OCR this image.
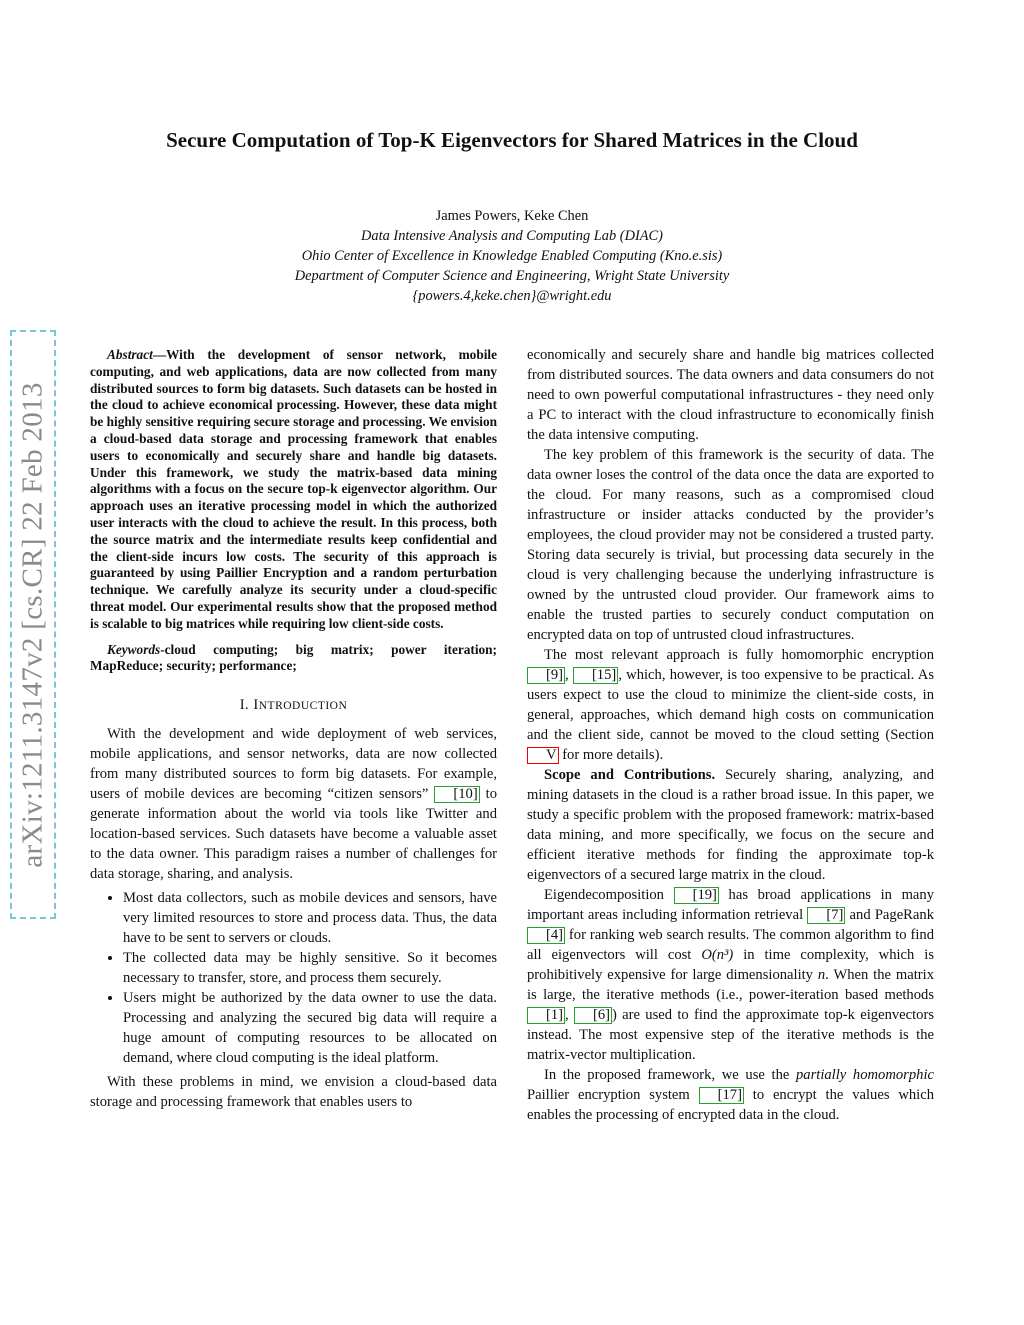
Secure Computation of Top-K Eigenvectors for Shared Matrices in the Cloud
James Powers, Keke Chen
Data Intensive Analysis and Computing Lab (DIAC)
Ohio Center of Excellence in Knowledge Enabled Computing (Kno.e.sis)
Department of Computer Science and Engineering, Wright State University
{powers.4,keke.chen}@wright.edu
arXiv:1211.3147v2 [cs.CR] 22 Feb 2013

Abstract—With the development of sensor network, mobile computing, and web applications, data are now collected from many distributed sources to form big datasets. Such datasets can be hosted in the cloud to achieve economical processing. However, these data might be highly sensitive requiring secure storage and processing. We envision a cloud-based data storage and processing framework that enables users to economically and securely share and handle big datasets. Under this framework, we study the matrix-based data mining algorithms with a focus on the secure top-k eigenvector algorithm. Our approach uses an iterative processing model in which the authorized user interacts with the cloud to achieve the result. In this process, both the source matrix and the intermediate results keep confidential and the client-side incurs low costs. The security of this approach is guaranteed by using Paillier Encryption and a random perturbation technique. We carefully analyze its security under a cloud-specific threat model. Our experimental results show that the proposed method is scalable to big matrices while requiring low client-side costs.

Keywords-cloud computing; big matrix; power iteration; MapReduce; security; performance;

I. INTRODUCTION

With the development and wide deployment of web services, mobile applications, and sensor networks, data are now collected from many distributed sources to form big datasets. For example, users of mobile devices are becoming “citizen sensors” [10] to generate information about the world via tools like Twitter and location-based services. Such datasets have become a valuable asset to the data owner. This paradigm raises a number of challenges for data storage, sharing, and analysis.

• Most data collectors, such as mobile devices and sensors, have very limited resources to store and process data. Thus, the data have to be sent to servers or clouds.
• The collected data may be highly sensitive. So it becomes necessary to transfer, store, and process them securely.
• Users might be authorized by the data owner to use the data. Processing and analyzing the secured big data will require a huge amount of computing resources to be allocated on demand, where cloud computing is the ideal platform.

With these problems in mind, we envision a cloud-based data storage and processing framework that enables users to

economically and securely share and handle big matrices collected from distributed sources. The data owners and data consumers do not need to own powerful computational infrastructures - they need only a PC to interact with the cloud infrastructure to economically finish the data intensive computing.

The key problem of this framework is the security of data. The data owner loses the control of the data once the data are exported to the cloud. For many reasons, such as a compromised cloud infrastructure or insider attacks conducted by the provider’s employees, the cloud provider may not be considered a trusted party. Storing data securely is trivial, but processing data securely in the cloud is very challenging because the underlying infrastructure is owned by the untrusted cloud provider. Our framework aims to enable the trusted parties to securely conduct computation on encrypted data on top of untrusted cloud infrastructures.

The most relevant approach is fully homomorphic encryption [9] , [15] , which, however, is too expensive to be practical. As users expect to use the cloud to minimize the client-side costs, in general, approaches, which demand high costs on communication and the client side, cannot be moved to the cloud setting (Section V for more details).

Scope and Contributions. Securely sharing, analyzing, and mining datasets in the cloud is a rather broad issue. In this paper, we study a specific problem with the proposed framework: matrix-based data mining, and more specifically, we focus on the secure and efficient iterative methods for finding the approximate top-k eigenvectors of a secured large matrix in the cloud.

Eigendecomposition [19] has broad applications in many important areas including information retrieval [7] and PageRank [4] for ranking web search results. The common algorithm to find all eigenvectors will cost O(n³) in time complexity, which is prohibitively expensive for large dimensionality n. When the matrix is large, the iterative methods (i.e., power-iteration based methods [1] , [6] ) are used to find the approximate top-k eigenvectors instead. The most expensive step of the iterative methods is the matrix-vector multiplication.

In the proposed framework, we use the partially homomorphic Paillier encryption system [17] to encrypt the values which enables the processing of encrypted data in the cloud.
